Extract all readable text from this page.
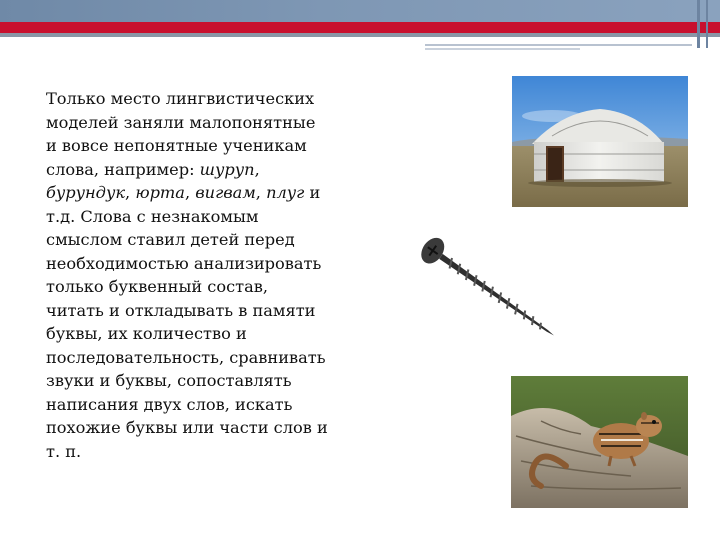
Только место лингвистических
моделей заняли малопонятные
и вовсе непонятные ученикам
слова, например: шуруп,
бурундук, юрта, вигвам, плуг и
т.д. Слова с незнакомым
смыслом ставил детей перед
необходимостью анализировать
только буквенный состав,
читать и откладывать в памяти
буквы, их количество и
последовательность, сравнивать
звуки и буквы, сопоставлять
написания двух слов, искать
похожие буквы или части слов и
т. п.
